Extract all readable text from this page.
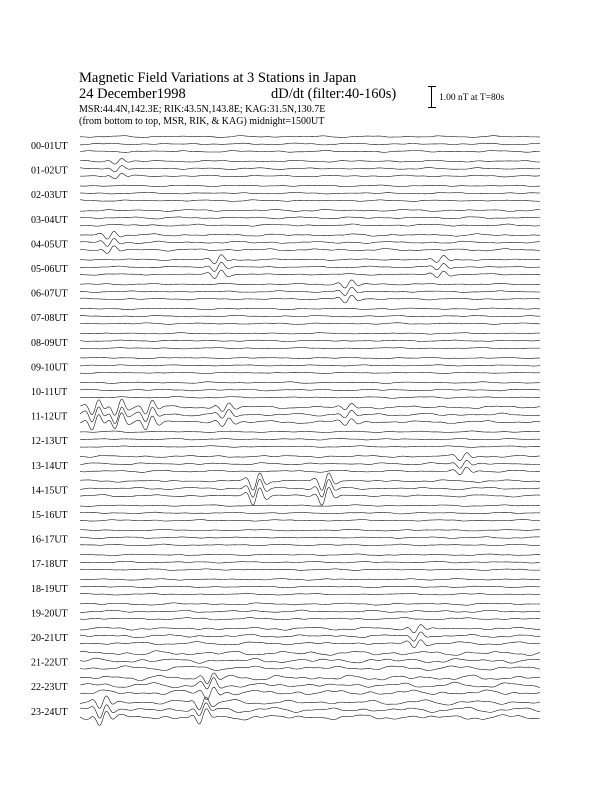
Magnetic Field Variations at 3 Stations in Japan
24 December1998	dD/dt (filter:40-160s)
MSR:44.4N,142.3E; RIK:43.5N,143.8E; KAG:31.5N,130.7E
(from bottom to top, MSR, RIK, & KAG) midnight=1500UT
1.00 nT at T=80s
00-01UT
01-02UT
02-03UT
03-04UT
04-05UT
05-06UT
06-07UT
07-08UT
08-09UT
09-10UT
10-11UT
11-12UT
12-13UT
13-14UT
14-15UT
15-16UT
16-17UT
17-18UT
18-19UT
19-20UT
20-21UT
21-22UT
22-23UT
23-24UT
